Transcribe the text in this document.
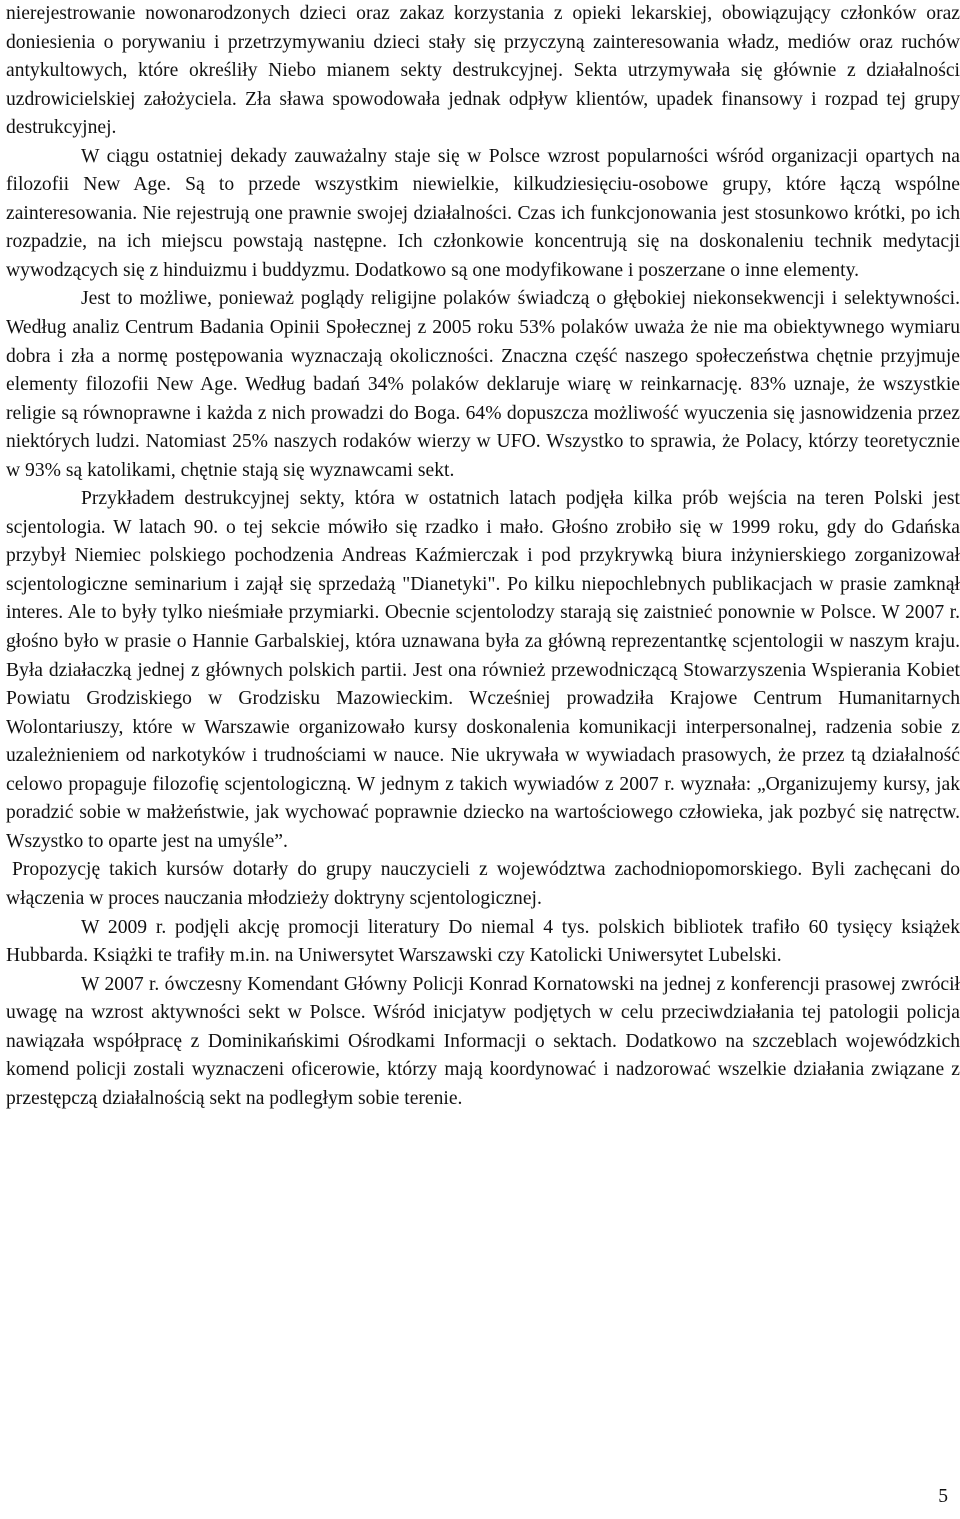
nierejestrowanie nowonarodzonych dzieci oraz zakaz korzystania z opieki lekarskiej, obowiązujący członków oraz doniesienia o porywaniu i przetrzymywaniu dzieci stały się przyczyną zainteresowania władz, mediów oraz ruchów antykultowych, które określiły Niebo mianem sekty destrukcyjnej. Sekta utrzymywała się głównie z działalności uzdrowicielskiej założyciela. Zła sława spowodowała jednak odpływ klientów, upadek finansowy i rozpad tej grupy destrukcyjnej.

W ciągu ostatniej dekady zauważalny staje się w Polsce wzrost popularności wśród organizacji opartych na filozofii New Age. Są to przede wszystkim niewielkie, kilkudziesięciu-osobowe grupy, które łączą wspólne zainteresowania. Nie rejestrują one prawnie swojej działalności. Czas ich funkcjonowania jest stosunkowo krótki, po ich rozpadzie, na ich miejscu powstają następne. Ich członkowie koncentrują się na doskonaleniu technik medytacji wywodzących się z hinduizmu i buddyzmu. Dodatkowo są one modyfikowane i poszerzane o inne elementy.

Jest to możliwe, ponieważ poglądy religijne polaków świadczą o głębokiej niekonsekwencji i selektywności. Według analiz Centrum Badania Opinii Społecznej z 2005 roku 53% polaków uważa że nie ma obiektywnego wymiaru dobra i zła a normę postępowania wyznaczają okoliczności. Znaczna część naszego społeczeństwa chętnie przyjmuje elementy filozofii New Age. Według badań 34% polaków deklaruje wiarę w reinkarnację. 83% uznaje, że wszystkie religie są równoprawne i każda z nich prowadzi do Boga. 64% dopuszcza możliwość wyuczenia się jasnowidzenia przez niektórych ludzi. Natomiast 25% naszych rodaków wierzy w UFO. Wszystko to sprawia, że Polacy, którzy teoretycznie w 93% są katolikami, chętnie stają się wyznawcami sekt.

Przykładem destrukcyjnej sekty, która w ostatnich latach podjęła kilka prób wejścia na teren Polski jest scjentologia. W latach 90. o tej sekcie mówiło się rzadko i mało. Głośno zrobiło się w 1999 roku, gdy do Gdańska przybył Niemiec polskiego pochodzenia Andreas Kaźmierczak i pod przykrywką biura inżynierskiego zorganizował scjentologiczne seminarium i zajął się sprzedażą "Dianetyki". Po kilku niepochlebnych publikacjach w prasie zamknął interes. Ale to były tylko nieśmiałe przymiarki. Obecnie scjentolodzy starają się zaistnieć ponownie w Polsce. W 2007 r. głośno było w prasie o Hannie Garbalskiej, która uznawana była za główną reprezentantkę scjentologii w naszym kraju. Była działaczką jednej z głównych polskich partii. Jest ona również przewodniczącą Stowarzyszenia Wspierania Kobiet Powiatu Grodziskiego w Grodzisku Mazowieckim. Wcześniej prowadziła Krajowe Centrum Humanitarnych Wolontariuszy, które w Warszawie organizowało kursy doskonalenia komunikacji interpersonalnej, radzenia sobie z uzależnieniem od narkotyków i trudnościami w nauce. Nie ukrywała w wywiadach prasowych, że przez tą działalność celowo propaguje filozofię scjentologiczną. W jednym z takich wywiadów z 2007 r. wyznała: „Organizujemy kursy, jak poradzić sobie w małżeństwie, jak wychować poprawnie dziecko na wartościowego człowieka, jak pozbyć się natręctw. Wszystko to oparte jest na umyśle”.

Propozycję takich kursów dotarły do grupy nauczycieli z województwa zachodniopomorskiego. Byli zachęcani do włączenia w proces nauczania młodzieży doktryny scjentologicznej.

W 2009 r. podjęli akcję promocji literatury Do niemal 4 tys. polskich bibliotek trafiło 60 tysięcy książek Hubbarda. Książki te trafiły m.in. na Uniwersytet Warszawski czy Katolicki Uniwersytet Lubelski.

W 2007 r. ówczesny Komendant Główny Policji Konrad Kornatowski na jednej z konferencji prasowej zwrócił uwagę na wzrost aktywności sekt w Polsce. Wśród inicjatyw podjętych w celu przeciwdziałania tej patologii policja nawiązała współpracę z Dominikańskimi Ośrodkami Informacji o sektach. Dodatkowo na szczeblach wojewódzkich komend policji zostali wyznaczeni oficerowie, którzy mają koordynować i nadzorować wszelkie działania związane z przestępczą działalnością sekt na podległym sobie terenie.

5
